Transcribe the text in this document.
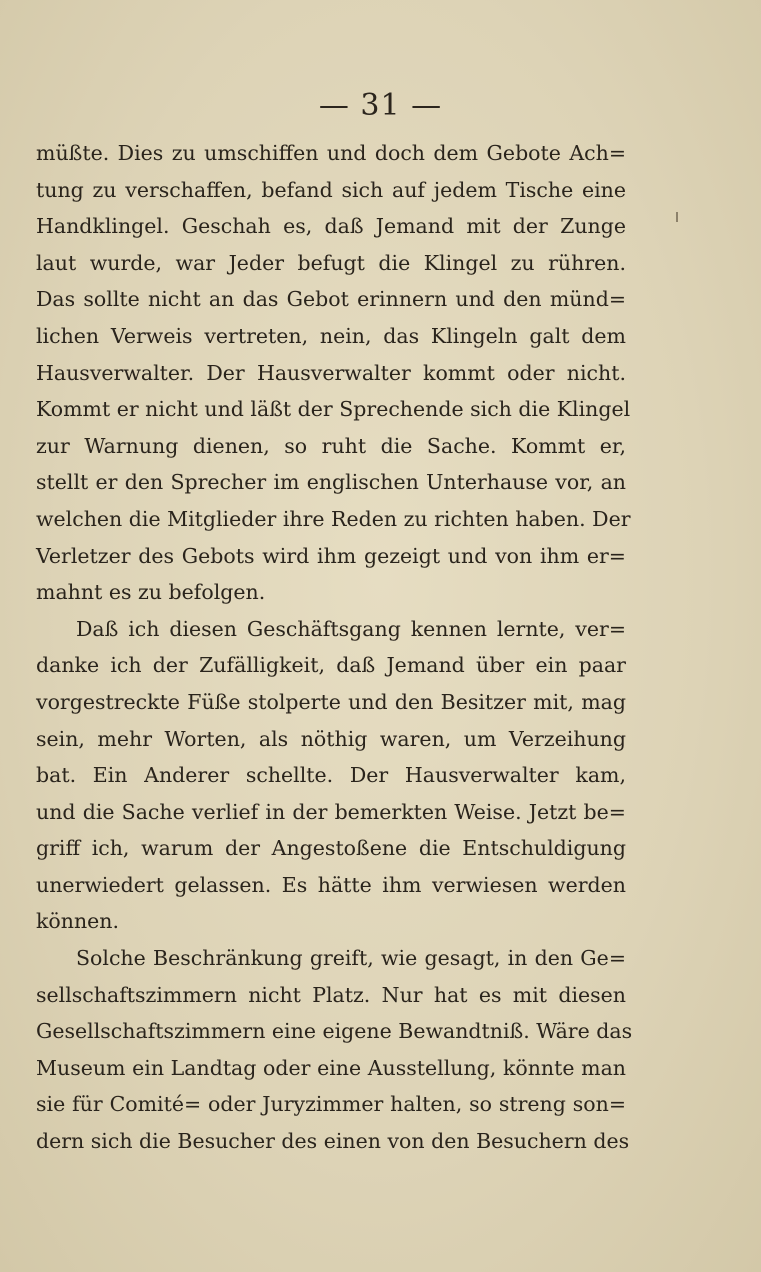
— 31 —
müßte. Dies zu umschiffen und doch dem Gebote Ach=
tung zu verschaffen, befand sich auf jedem Tische eine
Handklingel. Geschah es, daß Jemand mit der Zunge
laut wurde, war Jeder befugt die Klingel zu rühren.
Das sollte nicht an das Gebot erinnern und den münd=
lichen Verweis vertreten, nein, das Klingeln galt dem
Hausverwalter. Der Hausverwalter kommt oder nicht.
Kommt er nicht und läßt der Sprechende sich die Klingel
zur Warnung dienen, so ruht die Sache. Kommt er,
stellt er den Sprecher im englischen Unterhause vor, an
welchen die Mitglieder ihre Reden zu richten haben. Der
Verletzer des Gebots wird ihm gezeigt und von ihm er=
mahnt es zu befolgen.
Daß ich diesen Geschäftsgang kennen lernte, ver=
danke ich der Zufälligkeit, daß Jemand über ein paar
vorgestreckte Füße stolperte und den Besitzer mit, mag
sein, mehr Worten, als nöthig waren, um Verzeihung
bat. Ein Anderer schellte. Der Hausverwalter kam,
und die Sache verlief in der bemerkten Weise. Jetzt be=
griff ich, warum der Angestoßene die Entschuldigung
unerwiedert gelassen. Es hätte ihm verwiesen werden
können.
Solche Beschränkung greift, wie gesagt, in den Ge=
sellschaftszimmern nicht Platz. Nur hat es mit diesen
Gesellschaftszimmern eine eigene Bewandtniß. Wäre das
Museum ein Landtag oder eine Ausstellung, könnte man
sie für Comité= oder Juryzimmer halten, so streng son=
dern sich die Besucher des einen von den Besuchern des
